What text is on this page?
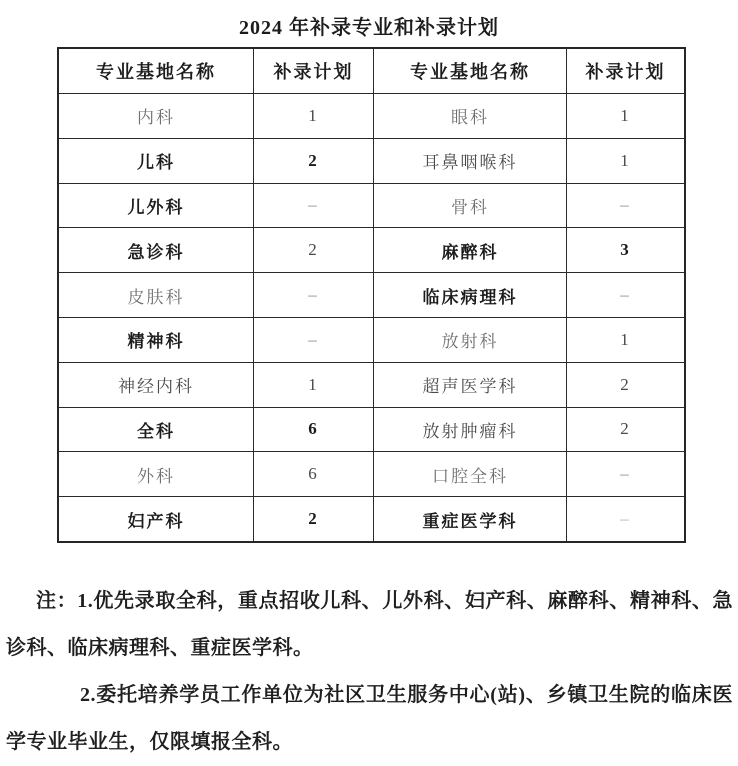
2024 年补录专业和补录计划
专业基地名称	补录计划	专业基地名称	补录计划
内科	1	眼科	1
儿科	2	耳鼻咽喉科	1
儿外科	–	骨科	–
急诊科	2	麻醉科	3
皮肤科	–	临床病理科	–
精神科	–	放射科	1
神经内科	1	超声医学科	2
全科	6	放射肿瘤科	2
外科	6	口腔全科	–
妇产科	2	重症医学科	–

注：1.优先录取全科，重点招收儿科、儿外科、妇产科、麻醉科、精神科、急诊科、临床病理科、重症医学科。

2.委托培养学员工作单位为社区卫生服务中心(站)、乡镇卫生院的临床医学专业毕业生，仅限填报全科。
